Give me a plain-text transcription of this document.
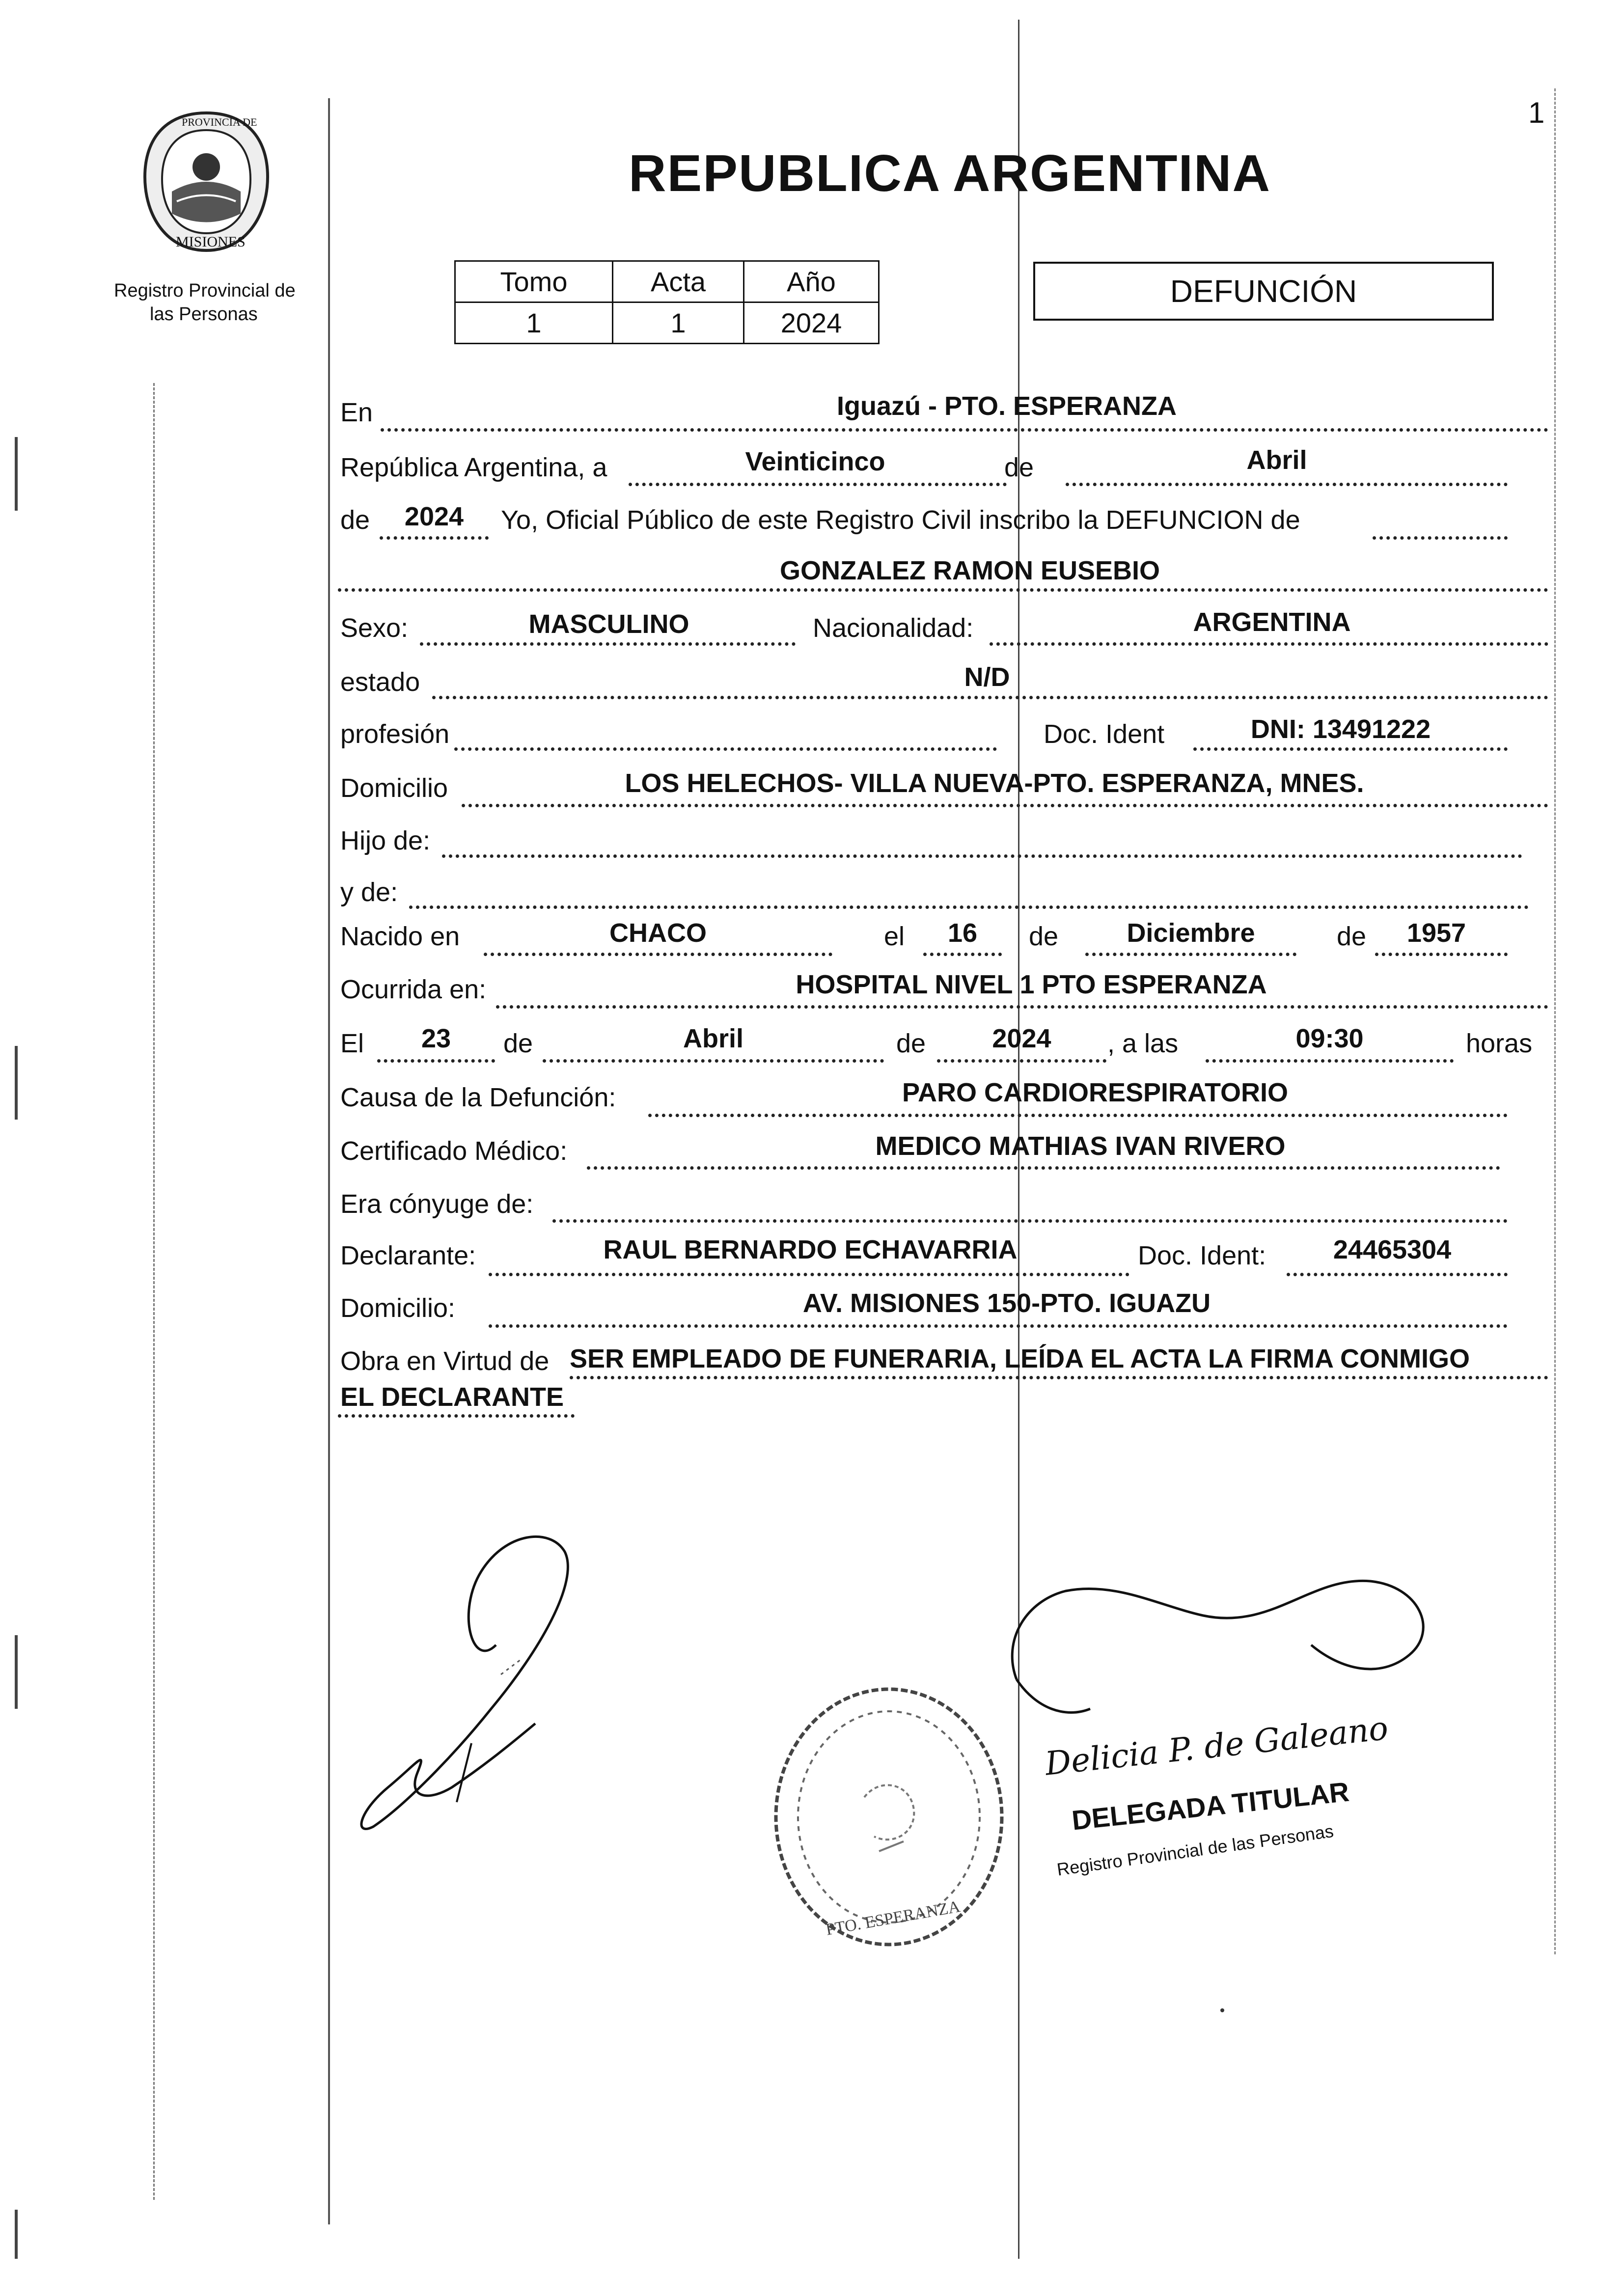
1
PROVINCIA DE
MISIONES
Registro Provincial de
las Personas
REPUBLICA ARGENTINA
Tomo	Acta	Año
1	1	2024
DEFUNCIÓN
En	Iguazú - PTO. ESPERANZA
República Argentina, a	Veinticinco	de	Abril
de	2024	Yo, Oficial Público de este Registro Civil inscribo la DEFUNCION de
GONZALEZ RAMON EUSEBIO
Sexo:	MASCULINO	Nacionalidad:	ARGENTINA
estado	N/D
profesión	Doc. Ident	DNI: 13491222
Domicilio	LOS HELECHOS- VILLA NUEVA-PTO. ESPERANZA, MNES.
Hijo de:
y de:
Nacido en	CHACO	el	16	de	Diciembre	de	1957
Ocurrida en:	HOSPITAL NIVEL 1 PTO ESPERANZA
El	23	de	Abril	de	2024	, a las	09:30	horas
Causa de la Defunción:	PARO CARDIORESPIRATORIO
Certificado Médico:	MEDICO MATHIAS IVAN RIVERO
Era cónyuge de:
Declarante:	RAUL BERNARDO ECHAVARRIA	Doc. Ident:	24465304
Domicilio:	AV. MISIONES 150-PTO. IGUAZU
Obra en Virtud de SER EMPLEADO DE FUNERARIA, LEÍDA EL ACTA LA FIRMA CONMIGO
EL DECLARANTE
PTO. ESPERANZA
Delicia P. de Galeano
DELEGADA TITULAR
Registro Provincial de las Personas
